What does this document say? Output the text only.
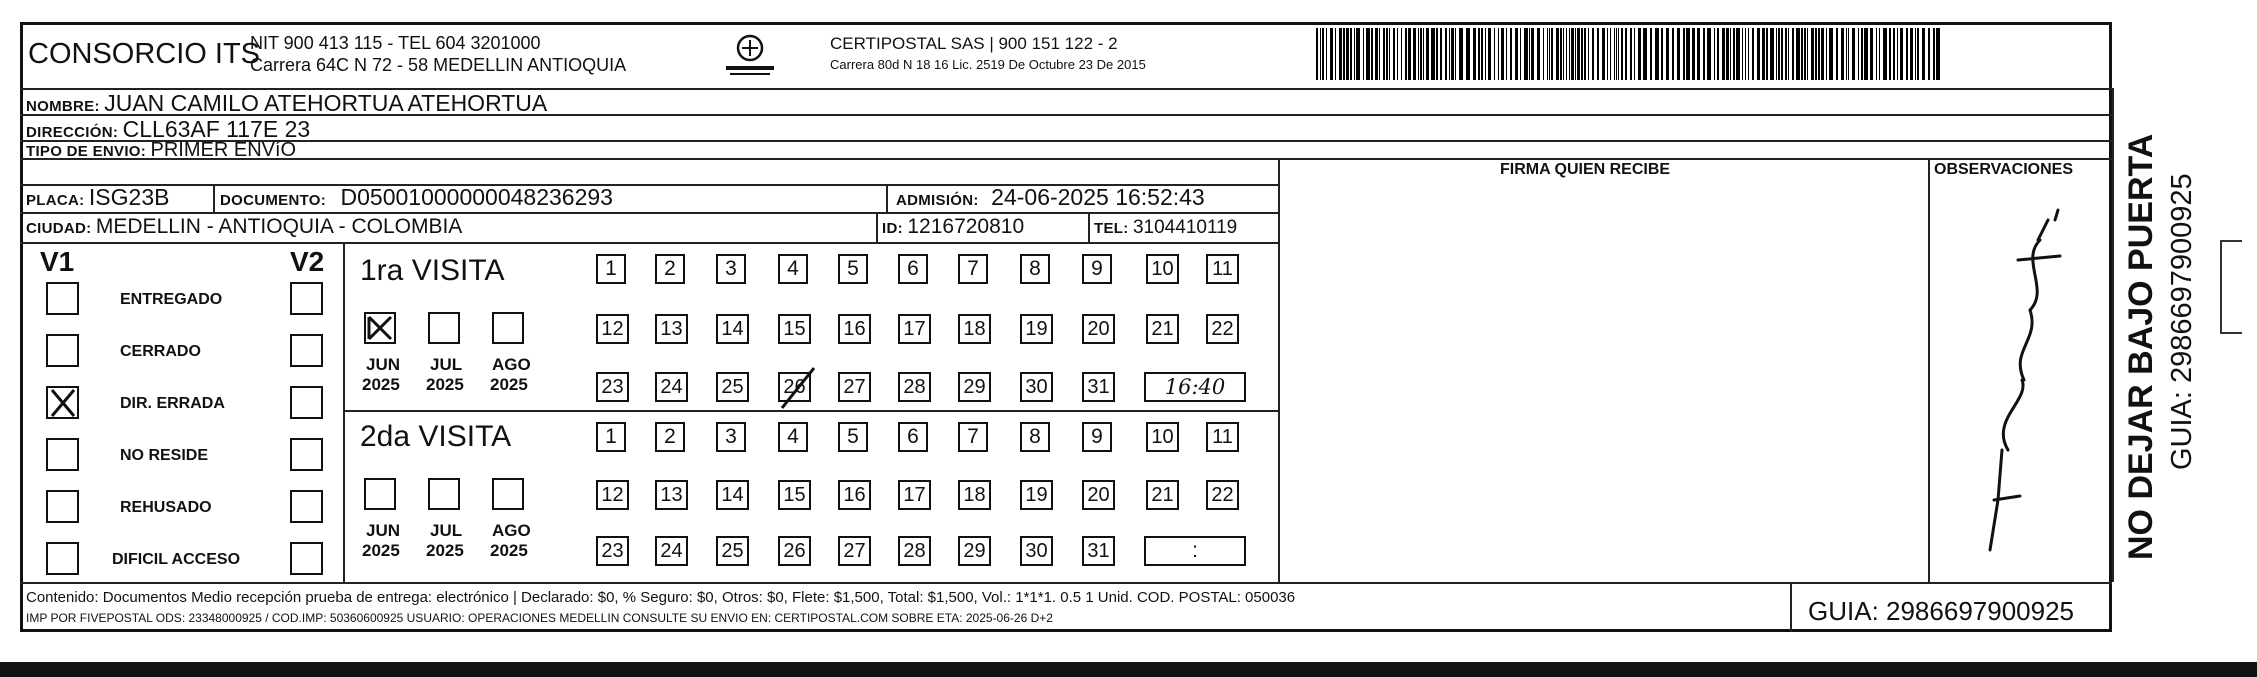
CONSORCIO ITS
NIT 900 413 115 - TEL 604 3201000
Carrera 64C N 72 - 58 MEDELLIN ANTIOQUIA
CERTIPOSTAL SAS | 900 151 122 - 2
Carrera 80d N 18 16 Lic. 2519 De Octubre 23 De 2015
NOMBRE: JUAN CAMILO ATEHORTUA ATEHORTUA
DIRECCIÓN: CLL63AF 117E 23
TIPO DE ENVIO: PRIMER ENVíO
FIRMA QUIEN RECIBE	OBSERVACIONES
PLACA: ISG23B	DOCUMENTO: D05001000000048236293	ADMISIÓN: 24-06-2025 16:52:43
CIUDAD: MEDELLIN - ANTIOQUIA - COLOMBIA	ID: 1216720810	TEL: 3104410119
V1	V2
ENTREGADO
CERRADO
DIR. ERRADA
NO RESIDE
REHUSADO
DIFICIL ACCESO
1ra VISITA
2da VISITA
JUN
2025
JUL
2025
AGO
2025
1	2	3	4	5	6	7	8	9	10	11
12 13 14 15 16 17 18 19 20 21 22
23 24 25 26 27 28 29 30 31	16:40
JUN
2025
JUL
2025
AGO
2025
1	2	3	4	5	6	7	8	9	10	11
12 13 14 15 16 17 18 19 20 21 22
23 24 25 26 27 28 29 30 31	:	NO DEJAR BAJO PUERTA GUIA: 2986697900925
Contenido: Documentos Medio recepción prueba de entrega: electrónico | Declarado: $0, % Seguro: $0, Otros: $0, Flete: $1,500, Total: $1,500, Vol.: 1*1*1. 0.5 1 Unid. COD. POSTAL: 050036
IMP POR FIVEPOSTAL ODS: 23348000925 / COD.IMP: 50360600925 USUARIO: OPERACIONES MEDELLIN CONSULTE SU ENVIO EN: CERTIPOSTAL.COM SOBRE ETA: 2025-06-26 D+2	GUIA: 2986697900925
